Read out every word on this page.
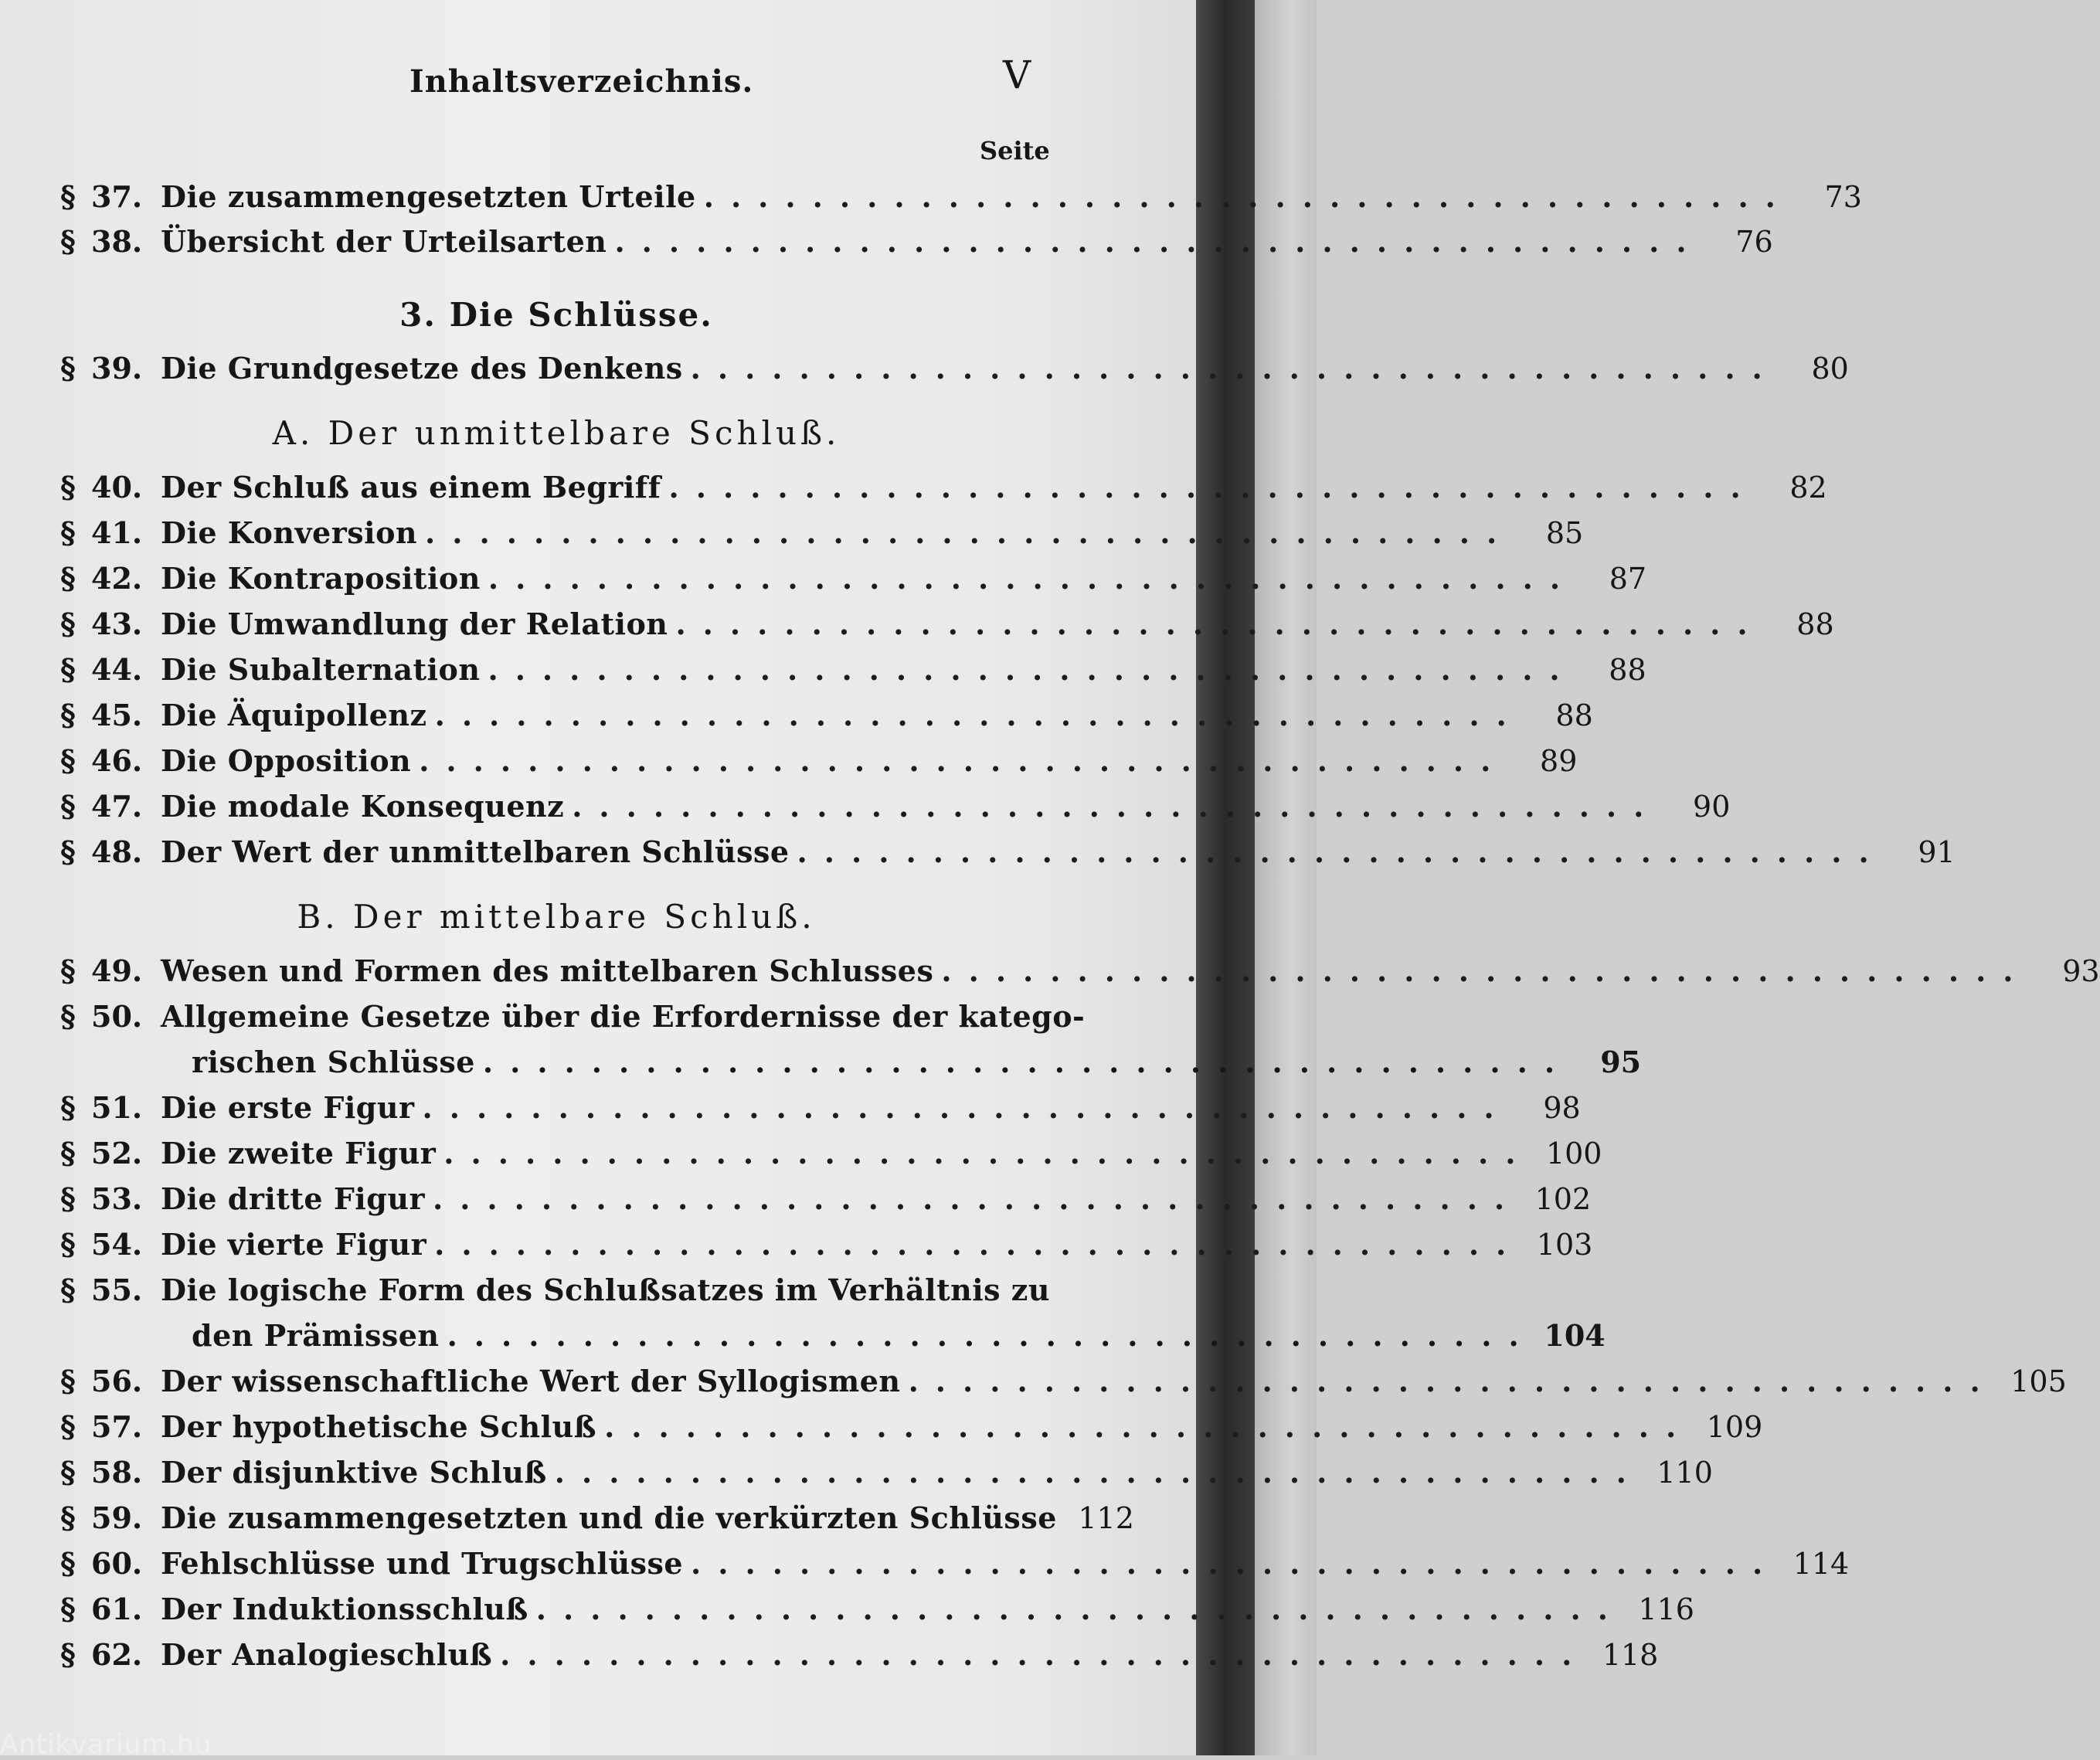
Inhaltsverzeichnis.	V
Seite
§ 37. Die zusammengesetzten Urteile ........................................	73
§ 38. Übersicht der Urteilsarten ........................................	76
3. Die Schlüsse.
§ 39. Die Grundgesetze des Denkens ........................................	80
A. Der unmittelbare Schluß.
§ 40. Der Schluß aus einem Begriff ........................................	82
§ 41. Die Konversion ........................................	85
§ 42. Die Kontraposition ........................................	87
§ 43. Die Umwandlung der Relation ........................................	88
§ 44. Die Subalternation ........................................	88
§ 45. Die Äquipollenz ........................................	88
§ 46. Die Opposition ........................................	89
§ 47. Die modale Konsequenz ........................................	90
§ 48. Der Wert der unmittelbaren Schlüsse ........................................	91
B. Der mittelbare Schluß.
§ 49. Wesen und Formen des mittelbaren Schlusses ........................................	93
§ 50. Allgemeine Gesetze über die Erfordernisse der katego-
rischen Schlüsse ........................................ 95
§ 51. Die erste Figur ........................................	98
§ 52. Die zweite Figur ........................................ 100
§ 53. Die dritte Figur ........................................ 102
§ 54. Die vierte Figur ........................................ 103
§ 55. Die logische Form des Schlußsatzes im Verhältnis zu
den Prämissen ........................................ 104
§ 56. Der wissenschaftliche Wert der Syllogismen ........................................ 105
§ 57. Der hypothetische Schluß ........................................ 109
§ 58. Der disjunktive Schluß ........................................ 110
§ 59. Die zusammengesetzten und die verkürzten Schlüsse 112
§ 60. Fehlschlüsse und Trugschlüsse ........................................ 114
§ 61. Der Induktionsschluß ........................................ 116
§ 62. Der Analogieschluß ........................................ 118
Antikvarium.hu
